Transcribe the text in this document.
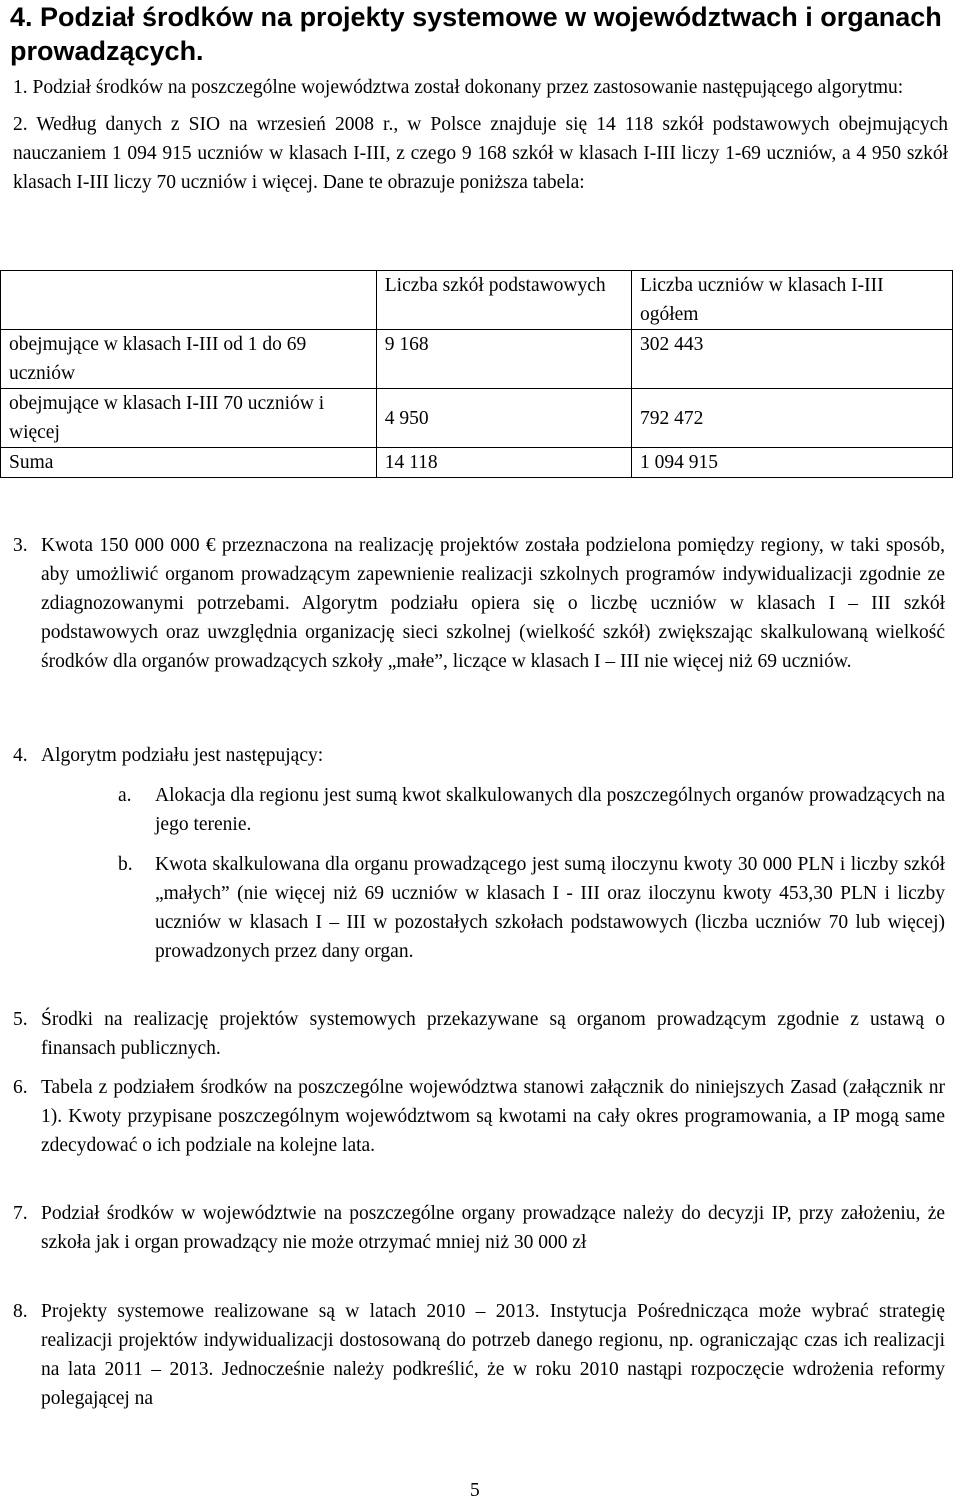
4. Podział środków na projekty systemowe w województwach i organach prowadzących.

1. Podział środków na poszczególne województwa został dokonany przez zastosowanie następującego algorytmu:

2. Według danych z SIO na wrzesień 2008 r., w Polsce znajduje się 14 118 szkół podstawowych obejmujących nauczaniem 1 094 915 uczniów w klasach I-III, z czego 9 168 szkół w klasach I-III liczy 1-69 uczniów, a 4 950 szkół klasach I-III liczy 70 uczniów i więcej. Dane te obrazuje poniższa tabela:

	Liczba szkół podstawowych	Liczba uczniów w klasach I-III ogółem
obejmujące w klasach I-III od 1 do 69 uczniów	9 168	302 443
obejmujące w klasach I-III 70 uczniów i więcej	4 950	792 472
Suma	14 118	1 094 915
3. Kwota 150 000 000 € przeznaczona na realizację projektów została podzielona pomiędzy regiony, w taki sposób, aby umożliwić organom prowadzącym zapewnienie realizacji szkolnych programów indywidualizacji zgodnie ze zdiagnozowanymi potrzebami. Algorytm podziału opiera się o liczbę uczniów w klasach I – III szkół podstawowych oraz uwzględnia organizację sieci szkolnej (wielkość szkół) zwiększając skalkulowaną wielkość środków dla organów prowadzących szkoły „małe”, liczące w klasach I – III nie więcej niż 69 uczniów.

4. Algorytm podziału jest następujący:

a. Alokacja dla regionu jest sumą kwot skalkulowanych dla poszczególnych organów prowadzących na jego terenie.

b. Kwota skalkulowana dla organu prowadzącego jest sumą iloczynu kwoty 30 000 PLN i liczby szkół „małych” (nie więcej niż 69 uczniów w klasach I - III oraz iloczynu kwoty 453,30 PLN i liczby uczniów w klasach I – III w pozostałych szkołach podstawowych (liczba uczniów 70 lub więcej) prowadzonych przez dany organ.

5. Środki na realizację projektów systemowych przekazywane są organom prowadzącym zgodnie z ustawą o finansach publicznych.

6. Tabela z podziałem środków na poszczególne województwa stanowi załącznik do niniejszych Zasad (załącznik nr 1). Kwoty przypisane poszczególnym województwom są kwotami na cały okres programowania, a IP mogą same zdecydować o ich podziale na kolejne lata.

7. Podział środków w województwie na poszczególne organy prowadzące należy do decyzji IP, przy założeniu, że szkoła jak i organ prowadzący nie może otrzymać mniej niż 30 000 zł

8. Projekty systemowe realizowane są w latach 2010 – 2013. Instytucja Pośrednicząca może wybrać strategię realizacji projektów indywidualizacji dostosowaną do potrzeb danego regionu, np. ograniczając czas ich realizacji na lata 2011 – 2013. Jednocześnie należy podkreślić, że w roku 2010 nastąpi rozpoczęcie wdrożenia reformy polegającej na

5
